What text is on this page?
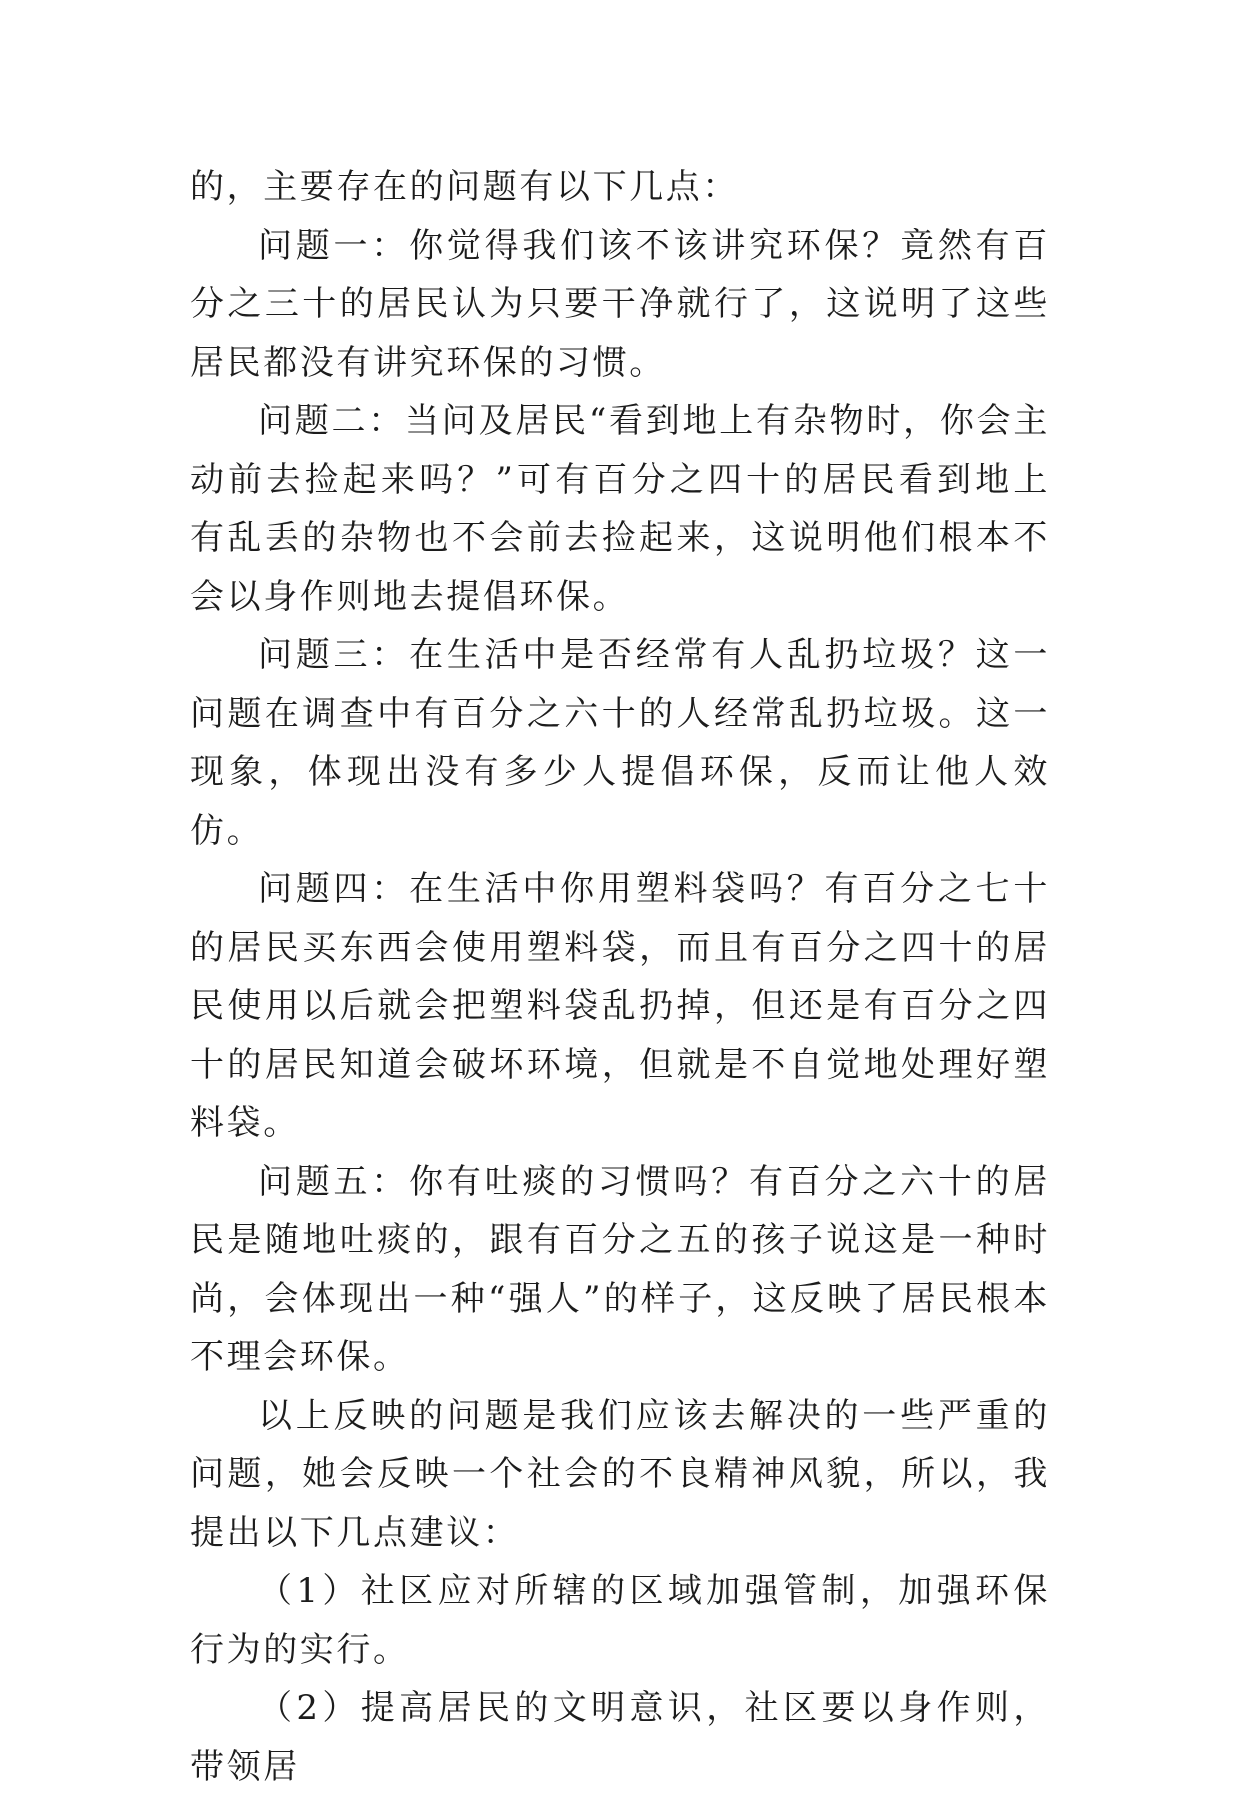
的，主要存在的问题有以下几点：

问题一：你觉得我们该不该讲究环保？竟然有百分之三十的居民认为只要干净就行了，这说明了这些居民都没有讲究环保的习惯。

问题二：当问及居民“看到地上有杂物时，你会主动前去捡起来吗？”可有百分之四十的居民看到地上有乱丢的杂物也不会前去捡起来，这说明他们根本不会以身作则地去提倡环保。

问题三：在生活中是否经常有人乱扔垃圾？这一问题在调查中有百分之六十的人经常乱扔垃圾。这一现象，体现出没有多少人提倡环保，反而让他人效仿。

问题四：在生活中你用塑料袋吗？有百分之七十的居民买东西会使用塑料袋，而且有百分之四十的居民使用以后就会把塑料袋乱扔掉，但还是有百分之四十的居民知道会破坏环境，但就是不自觉地处理好塑料袋。

问题五：你有吐痰的习惯吗？有百分之六十的居民是随地吐痰的，跟有百分之五的孩子说这是一种时尚，会体现出一种“强人”的样子，这反映了居民根本不理会环保。

以上反映的问题是我们应该去解决的一些严重的问题，她会反映一个社会的不良精神风貌，所以，我提出以下几点建议：

（1）社区应对所辖的区域加强管制，加强环保行为的实行。

（2）提高居民的文明意识，社区要以身作则，带领居
